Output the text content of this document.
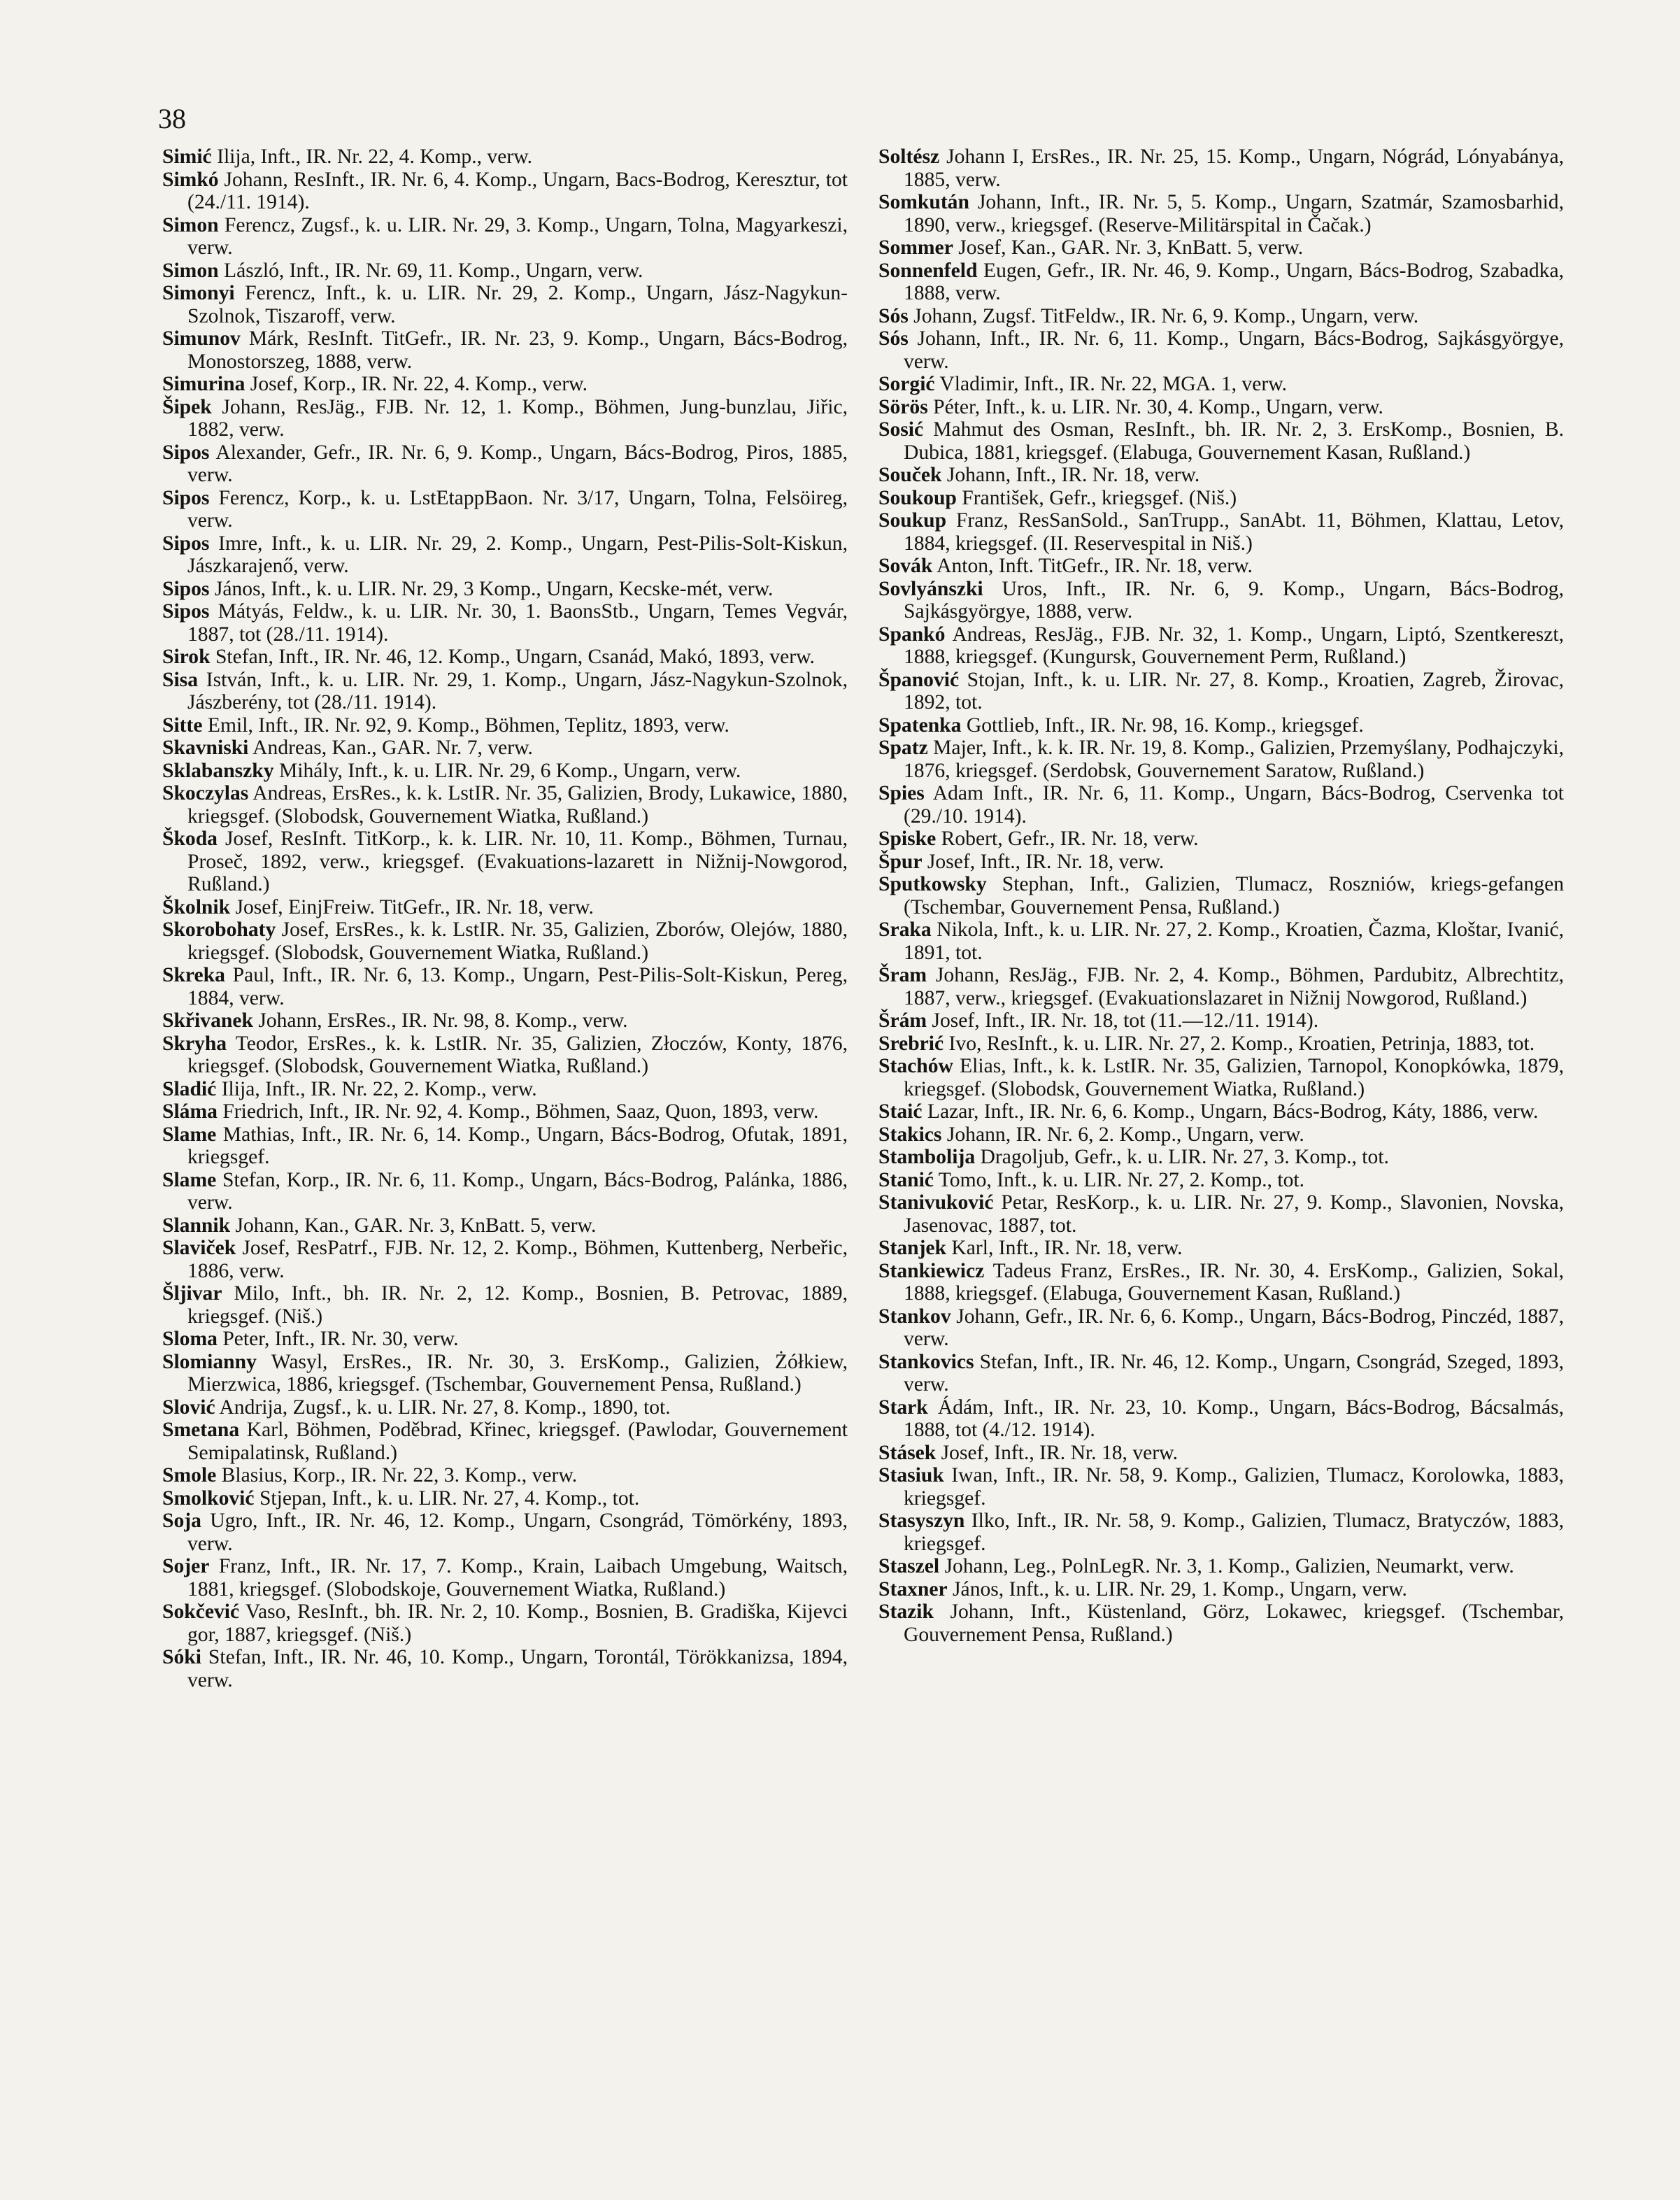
38

Simić Ilija, Inft., IR. Nr. 22, 4. Komp., verw.

Simkó Johann, ResInft., IR. Nr. 6, 4. Komp., Ungarn, Bacs-Bodrog, Keresztur, tot (24./11. 1914).

Simon Ferencz, Zugsf., k. u. LIR. Nr. 29, 3. Komp., Ungarn, Tolna, Magyarkeszi, verw.

Simon László, Inft., IR. Nr. 69, 11. Komp., Ungarn, verw.

Simonyi Ferencz, Inft., k. u. LIR. Nr. 29, 2. Komp., Ungarn, Jász-Nagykun-Szolnok, Tiszaroff, verw.

Simunov Márk, ResInft. TitGefr., IR. Nr. 23, 9. Komp., Ungarn, Bács-Bodrog, Monostorszeg, 1888, verw.

Simurina Josef, Korp., IR. Nr. 22, 4. Komp., verw.

Šipek Johann, ResJäg., FJB. Nr. 12, 1. Komp., Böhmen, Jung-bunzlau, Jiřic, 1882, verw.

Sipos Alexander, Gefr., IR. Nr. 6, 9. Komp., Ungarn, Bács-Bodrog, Piros, 1885, verw.

Sipos Ferencz, Korp., k. u. LstEtappBaon. Nr. 3/17, Ungarn, Tolna, Felsöireg, verw.

Sipos Imre, Inft., k. u. LIR. Nr. 29, 2. Komp., Ungarn, Pest-Pilis-Solt-Kiskun, Jászkarajenő, verw.

Sipos János, Inft., k. u. LIR. Nr. 29, 3 Komp., Ungarn, Kecske-mét, verw.

Sipos Mátyás, Feldw., k. u. LIR. Nr. 30, 1. BaonsStb., Ungarn, Temes Vegvár, 1887, tot (28./11. 1914).

Sirok Stefan, Inft., IR. Nr. 46, 12. Komp., Ungarn, Csanád, Makó, 1893, verw.

Sisa István, Inft., k. u. LIR. Nr. 29, 1. Komp., Ungarn, Jász-Nagykun-Szolnok, Jászberény, tot (28./11. 1914).

Sitte Emil, Inft., IR. Nr. 92, 9. Komp., Böhmen, Teplitz, 1893, verw.

Skavniski Andreas, Kan., GAR. Nr. 7, verw.

Sklabanszky Mihály, Inft., k. u. LIR. Nr. 29, 6 Komp., Ungarn, verw.

Skoczylas Andreas, ErsRes., k. k. LstIR. Nr. 35, Galizien, Brody, Lukawice, 1880, kriegsgef. (Slobodsk, Gouvernement Wiatka, Rußland.)

Škoda Josef, ResInft. TitKorp., k. k. LIR. Nr. 10, 11. Komp., Böhmen, Turnau, Proseč, 1892, verw., kriegsgef. (Evakuations-lazarett in Nižnij-Nowgorod, Rußland.)

Školnik Josef, EinjFreiw. TitGefr., IR. Nr. 18, verw.

Skorobohaty Josef, ErsRes., k. k. LstIR. Nr. 35, Galizien, Zborów, Olejów, 1880, kriegsgef. (Slobodsk, Gouvernement Wiatka, Rußland.)

Skreka Paul, Inft., IR. Nr. 6, 13. Komp., Ungarn, Pest-Pilis-Solt-Kiskun, Pereg, 1884, verw.

Skřivanek Johann, ErsRes., IR. Nr. 98, 8. Komp., verw.

Skryha Teodor, ErsRes., k. k. LstIR. Nr. 35, Galizien, Złoczów, Konty, 1876, kriegsgef. (Slobodsk, Gouvernement Wiatka, Rußland.)

Sladić Ilija, Inft., IR. Nr. 22, 2. Komp., verw.

Sláma Friedrich, Inft., IR. Nr. 92, 4. Komp., Böhmen, Saaz, Quon, 1893, verw.

Slame Mathias, Inft., IR. Nr. 6, 14. Komp., Ungarn, Bács-Bodrog, Ofutak, 1891, kriegsgef.

Slame Stefan, Korp., IR. Nr. 6, 11. Komp., Ungarn, Bács-Bodrog, Palánka, 1886, verw.

Slannik Johann, Kan., GAR. Nr. 3, KnBatt. 5, verw.

Slaviček Josef, ResPatrf., FJB. Nr. 12, 2. Komp., Böhmen, Kuttenberg, Nerbeřic, 1886, verw.

Šljivar Milo, Inft., bh. IR. Nr. 2, 12. Komp., Bosnien, B. Petrovac, 1889, kriegsgef. (Niš.)

Sloma Peter, Inft., IR. Nr. 30, verw.

Slomianny Wasyl, ErsRes., IR. Nr. 30, 3. ErsKomp., Galizien, Żółkiew, Mierzwica, 1886, kriegsgef. (Tschembar, Gouvernement Pensa, Rußland.)

Slović Andrija, Zugsf., k. u. LIR. Nr. 27, 8. Komp., 1890, tot.

Smetana Karl, Böhmen, Poděbrad, Křinec, kriegsgef. (Pawlodar, Gouvernement Semipalatinsk, Rußland.)

Smole Blasius, Korp., IR. Nr. 22, 3. Komp., verw.

Smolković Stjepan, Inft., k. u. LIR. Nr. 27, 4. Komp., tot.

Soja Ugro, Inft., IR. Nr. 46, 12. Komp., Ungarn, Csongrád, Tömörkény, 1893, verw.

Sojer Franz, Inft., IR. Nr. 17, 7. Komp., Krain, Laibach Umgebung, Waitsch, 1881, kriegsgef. (Slobodskoje, Gouvernement Wiatka, Rußland.)

Sokčević Vaso, ResInft., bh. IR. Nr. 2, 10. Komp., Bosnien, B. Gradiška, Kijevci gor, 1887, kriegsgef. (Niš.)

Sóki Stefan, Inft., IR. Nr. 46, 10. Komp., Ungarn, Torontál, Törökkanizsa, 1894, verw.

Soltész Johann I, ErsRes., IR. Nr. 25, 15. Komp., Ungarn, Nógrád, Lónyabánya, 1885, verw.

Somkután Johann, Inft., IR. Nr. 5, 5. Komp., Ungarn, Szatmár, Szamosbarhid, 1890, verw., kriegsgef. (Reserve-Militärspital in Čačak.)

Sommer Josef, Kan., GAR. Nr. 3, KnBatt. 5, verw.

Sonnenfeld Eugen, Gefr., IR. Nr. 46, 9. Komp., Ungarn, Bács-Bodrog, Szabadka, 1888, verw.

Sós Johann, Zugsf. TitFeldw., IR. Nr. 6, 9. Komp., Ungarn, verw.

Sós Johann, Inft., IR. Nr. 6, 11. Komp., Ungarn, Bács-Bodrog, Sajkásgyörgye, verw.

Sorgić Vladimir, Inft., IR. Nr. 22, MGA. 1, verw.

Sörös Péter, Inft., k. u. LIR. Nr. 30, 4. Komp., Ungarn, verw.

Sosić Mahmut des Osman, ResInft., bh. IR. Nr. 2, 3. ErsKomp., Bosnien, B. Dubica, 1881, kriegsgef. (Elabuga, Gouvernement Kasan, Rußland.)

Souček Johann, Inft., IR. Nr. 18, verw.

Soukoup František, Gefr., kriegsgef. (Niš.)

Soukup Franz, ResSanSold., SanTrupp., SanAbt. 11, Böhmen, Klattau, Letov, 1884, kriegsgef. (II. Reservespital in Niš.)

Sovák Anton, Inft. TitGefr., IR. Nr. 18, verw.

Sovlyánszki Uros, Inft., IR. Nr. 6, 9. Komp., Ungarn, Bács-Bodrog, Sajkásgyörgye, 1888, verw.

Spankó Andreas, ResJäg., FJB. Nr. 32, 1. Komp., Ungarn, Liptó, Szentkereszt, 1888, kriegsgef. (Kungursk, Gouvernement Perm, Rußland.)

Španović Stojan, Inft., k. u. LIR. Nr. 27, 8. Komp., Kroatien, Zagreb, Žirovac, 1892, tot.

Spatenka Gottlieb, Inft., IR. Nr. 98, 16. Komp., kriegsgef.

Spatz Majer, Inft., k. k. IR. Nr. 19, 8. Komp., Galizien, Przemyślany, Podhajczyki, 1876, kriegsgef. (Serdobsk, Gouvernement Saratow, Rußland.)

Spies Adam Inft., IR. Nr. 6, 11. Komp., Ungarn, Bács-Bodrog, Cservenka tot (29./10. 1914).

Spiske Robert, Gefr., IR. Nr. 18, verw.

Špur Josef, Inft., IR. Nr. 18, verw.

Sputkowsky Stephan, Inft., Galizien, Tlumacz, Roszniów, kriegs-gefangen (Tschembar, Gouvernement Pensa, Rußland.)

Sraka Nikola, Inft., k. u. LIR. Nr. 27, 2. Komp., Kroatien, Čazma, Kloštar, Ivanić, 1891, tot.

Šram Johann, ResJäg., FJB. Nr. 2, 4. Komp., Böhmen, Pardubitz, Albrechtitz, 1887, verw., kriegsgef. (Evakuationslazaret in Nižnij Nowgorod, Rußland.)

Šrám Josef, Inft., IR. Nr. 18, tot (11.—12./11. 1914).

Srebrić Ivo, ResInft., k. u. LIR. Nr. 27, 2. Komp., Kroatien, Petrinja, 1883, tot.

Stachów Elias, Inft., k. k. LstIR. Nr. 35, Galizien, Tarnopol, Konopkówka, 1879, kriegsgef. (Slobodsk, Gouvernement Wiatka, Rußland.)

Staić Lazar, Inft., IR. Nr. 6, 6. Komp., Ungarn, Bács-Bodrog, Káty, 1886, verw.

Stakics Johann, IR. Nr. 6, 2. Komp., Ungarn, verw.

Stambolija Dragoljub, Gefr., k. u. LIR. Nr. 27, 3. Komp., tot.

Stanić Tomo, Inft., k. u. LIR. Nr. 27, 2. Komp., tot.

Stanivuković Petar, ResKorp., k. u. LIR. Nr. 27, 9. Komp., Slavonien, Novska, Jasenovac, 1887, tot.

Stanjek Karl, Inft., IR. Nr. 18, verw.

Stankiewicz Tadeus Franz, ErsRes., IR. Nr. 30, 4. ErsKomp., Galizien, Sokal, 1888, kriegsgef. (Elabuga, Gouvernement Kasan, Rußland.)

Stankov Johann, Gefr., IR. Nr. 6, 6. Komp., Ungarn, Bács-Bodrog, Pinczéd, 1887, verw.

Stankovics Stefan, Inft., IR. Nr. 46, 12. Komp., Ungarn, Csongrád, Szeged, 1893, verw.

Stark Ádám, Inft., IR. Nr. 23, 10. Komp., Ungarn, Bács-Bodrog, Bácsalmás, 1888, tot (4./12. 1914).

Stásek Josef, Inft., IR. Nr. 18, verw.

Stasiuk Iwan, Inft., IR. Nr. 58, 9. Komp., Galizien, Tlumacz, Korolowka, 1883, kriegsgef.

Stasyszyn Ilko, Inft., IR. Nr. 58, 9. Komp., Galizien, Tlumacz, Bratyczów, 1883, kriegsgef.

Staszel Johann, Leg., PolnLegR. Nr. 3, 1. Komp., Galizien, Neumarkt, verw.

Staxner János, Inft., k. u. LIR. Nr. 29, 1. Komp., Ungarn, verw.

Stazik Johann, Inft., Küstenland, Görz, Lokawec, kriegsgef. (Tschembar, Gouvernement Pensa, Rußland.)
